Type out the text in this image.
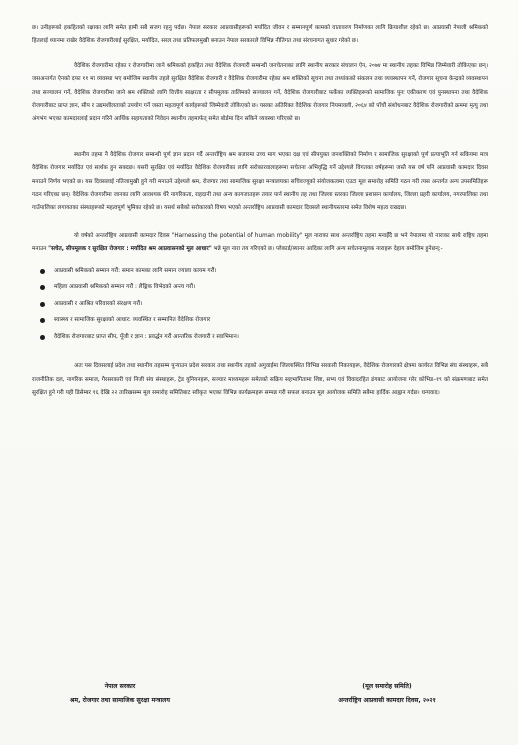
छ। उनीहरूको हकहितको रक्षाका लागि समेत हामी सबै सजग रहनु पर्दछ। नेपाल सरकार आप्रवासीहरूको मर्यादित जीवन र सम्मानपूर्ण कामको वातावरण निर्माणका लागि क्रियाशील रहेको छ। आप्रवासी नेपाली श्रमिकको हितलाई ध्यानमा राखेर वैदेशिक रोजगारीलाई सुरक्षित, मर्यादित, सरल तथा प्रतिफलमुखी बनाउन नेपाल सरकारले विभिन्न नीतिगत तथा संरचनागत सुधार गरेको छ।

वैदेशिक रोजगारीमा रहेका र रोजगारीमा जाने श्रमिकको हकहित तथा वैदेशिक रोजगारी सम्बन्धी जनचेतनाका लागि स्थानीय सरकार संचालन ऐन, २०७४ मा स्थानीय तहका विभिन्न जिम्मेवारी तोकिएका छन्। जसअन्तर्गत ऐनको दफा ११ मा व्यवस्था भए बमोजिम स्थानीय तहले सुरक्षित वैदेशिक रोजगारी र वैदेशिक रोजगारीमा रहेका श्रम शक्तिको सूचना तथा तथ्यांकको संकलन तथा व्यवस्थापन गर्ने, रोजगार सूचना केन्द्रको व्यवस्थापन तथा सञ्चालन गर्ने, वैदेशिक रोजगारीमा जाने श्रम शक्तिको लागि वित्तीय साक्षरता र सीपमूलक तालिमको सञ्चालन गर्ने, वैदेशिक रोजगारीबाट फर्केका व्यक्तिहरूको सामाजिक पुनः एकीकरण एवं पुनस्थापना तथा वैदेशिक रोजगारीबाट प्राप्त ज्ञान, सीप र उद्यमशीलताको उपयोग गर्ने जस्ता महत्वपूर्ण कार्यहरूको जिम्मेवारी तोकिएको छ। यसका अतिरिक्त वैदेशिक रोजगार नियमावली, २०६४ को पाँचौं संशोधनबाट वैदेशिक रोजगारीको क्रममा मृत्यु तथा अंगभंग भएका कामदारलाई प्रदान गरिने आर्थिक सहायताको निवेदन स्थानीय तहमार्फत् समेत बोर्डमा दिन सकिने व्यवस्था गरिएको छ।

स्थानीय तहमा नै वैदेशिक रोजगार सम्बन्धी पूर्ण ज्ञान प्रदान गर्दै अन्तर्राष्ट्रिय श्रम बजारमा उच्च माग भएका दक्ष एवं सीपयुक्त जनशक्तिको निर्माण र सामाजिक सुरक्षाको पूर्ण प्रत्याभूति गर्न सकियमा मात्र वैदेशिक रोजगार मर्यादित एवं सार्थक हुन सक्दछ। यसरी सुरक्षित एवं मर्यादित वैदेशिक रोजगारीका लागि सरोकारवालाहरूमा सचेतना अभिवृद्धि गर्ने उद्देश्यले विगतका वर्षहरूमा जस्तै यस वर्ष पनि आप्रवासी कामदार दिवस मनाउने निर्णय भएको छ। यस दिवसलाई नतिजामुखी हुने गरी मनाउने उद्देश्यले श्रम, रोजगार तथा सामाजिक सुरक्षा मन्त्रालयका सचिवज्यूको संयोजकत्वमा एउटा मूल समारोह समिति गठन गरी त्यस अन्तर्गत अन्य उपसमितिहरू गठन गरिएका छन्। वैदेशिक रोजगारीमा जानका लागि आवश्यक धेरै नागरिकता, राहदानी तथा अन्य कागजातहरू तयार पार्न स्थानीय तह तथा जिल्ला स्तरका जिल्ला प्रशासन कार्यालय, जिल्ला प्रहरी कार्यालय, नगरपालिका तथा गाउँपालिका लगायतका संस्थाहरूको महत्वपूर्ण भूमिका रहेको छ। यसर्थ सबैको सरोकारको विषय भएको अन्तर्राष्ट्रिय आप्रवासी कामदार दिवसले स्थानीयस्तरमा समेत विशेष महत्व राख्दछ।

यो वर्षको अन्तर्राष्ट्रिय आप्रवासी कामदार दिवस "Harnessing the potential of human mobility" मूल नाराका साथ अन्तर्राष्ट्रिय तहमा मनाईँदै छ भने नेपालमा यो नाराका साथै राष्ट्रिय तहमा मनाउन "सचेत, सीपमूलक र सुरक्षित रोजगार : मर्यादित श्रम आप्रवासनको मूल आधार" भन्ने मूल नारा तय गरिएको छ। प्लेकार्ड/ब्यानर आदिका लागि अन्य सचेतनामूलक नाराहरू देहाय बमोजिम हुनेछन्:-

आप्रवासी श्रमिकको सम्मान गरौं: समान कामका लागि समान ज्याला कायम गरौं।
महिला आप्रवासी श्रमिकको सम्मान गरौं : लैङ्गिक विभेदको अन्त्य गरौं।
आप्रवासी र आश्रित परिवारको संरक्षण गरौं।
स्वास्थ्य र सामाजिक सुरक्षाको आधार: व्यवस्थित र सम्मानित वैदेशिक रोजगार
वैदेशिक रोजगारबाट प्राप्त सीप, पूँजी र ज्ञान : प्रवर्द्धन गरौं आन्तरिक रोजगारी र स्वाभिमान।

अतः यस दिवसलाई प्रदेश तथा स्थानीय तहसम्म पुऱ्याउन प्रदेश सरकार तथा स्थानीय तहको अगुवाईमा जिल्लास्थित विभिन्न सरकारी निकायहरू, वैदेशिक रोजगारको क्षेत्रमा कार्यरत विभिन्न संघ संस्थाहरू, सबै राजनीतिक दल, नागरिक समाज, गैरसरकारी एवं निजी संघ संस्थाहरू, ट्रेड युनियनहरू, सञ्चार माध्यमहरू समेतको सक्रिय सहभागितामा शिष्ट, सभ्य एवं विवादरहित ढंगबाट आयोजना गरेर कोभिड–१९ को संक्रमणबाट समेत सुरक्षित हुने गरी यही डिसेम्बर १६ देखि २२ तारिखसम्म मूल समारोह समितिबाट स्वीकृत भएका विभिन्न कार्यक्रमहरू सम्पन्न गरी सफल बनाउन मूल आयोजक समिति सबैमा हार्दिक आह्वान गर्दछ। धन्यवाद।

नेपाल सरकार
श्रम, रोजगार तथा सामाजिक सुरक्षा मन्त्रालय
(मूल समारोह समिति)
अन्तर्राष्ट्रिय आप्रवासी कामदार दिवस, २०२१
